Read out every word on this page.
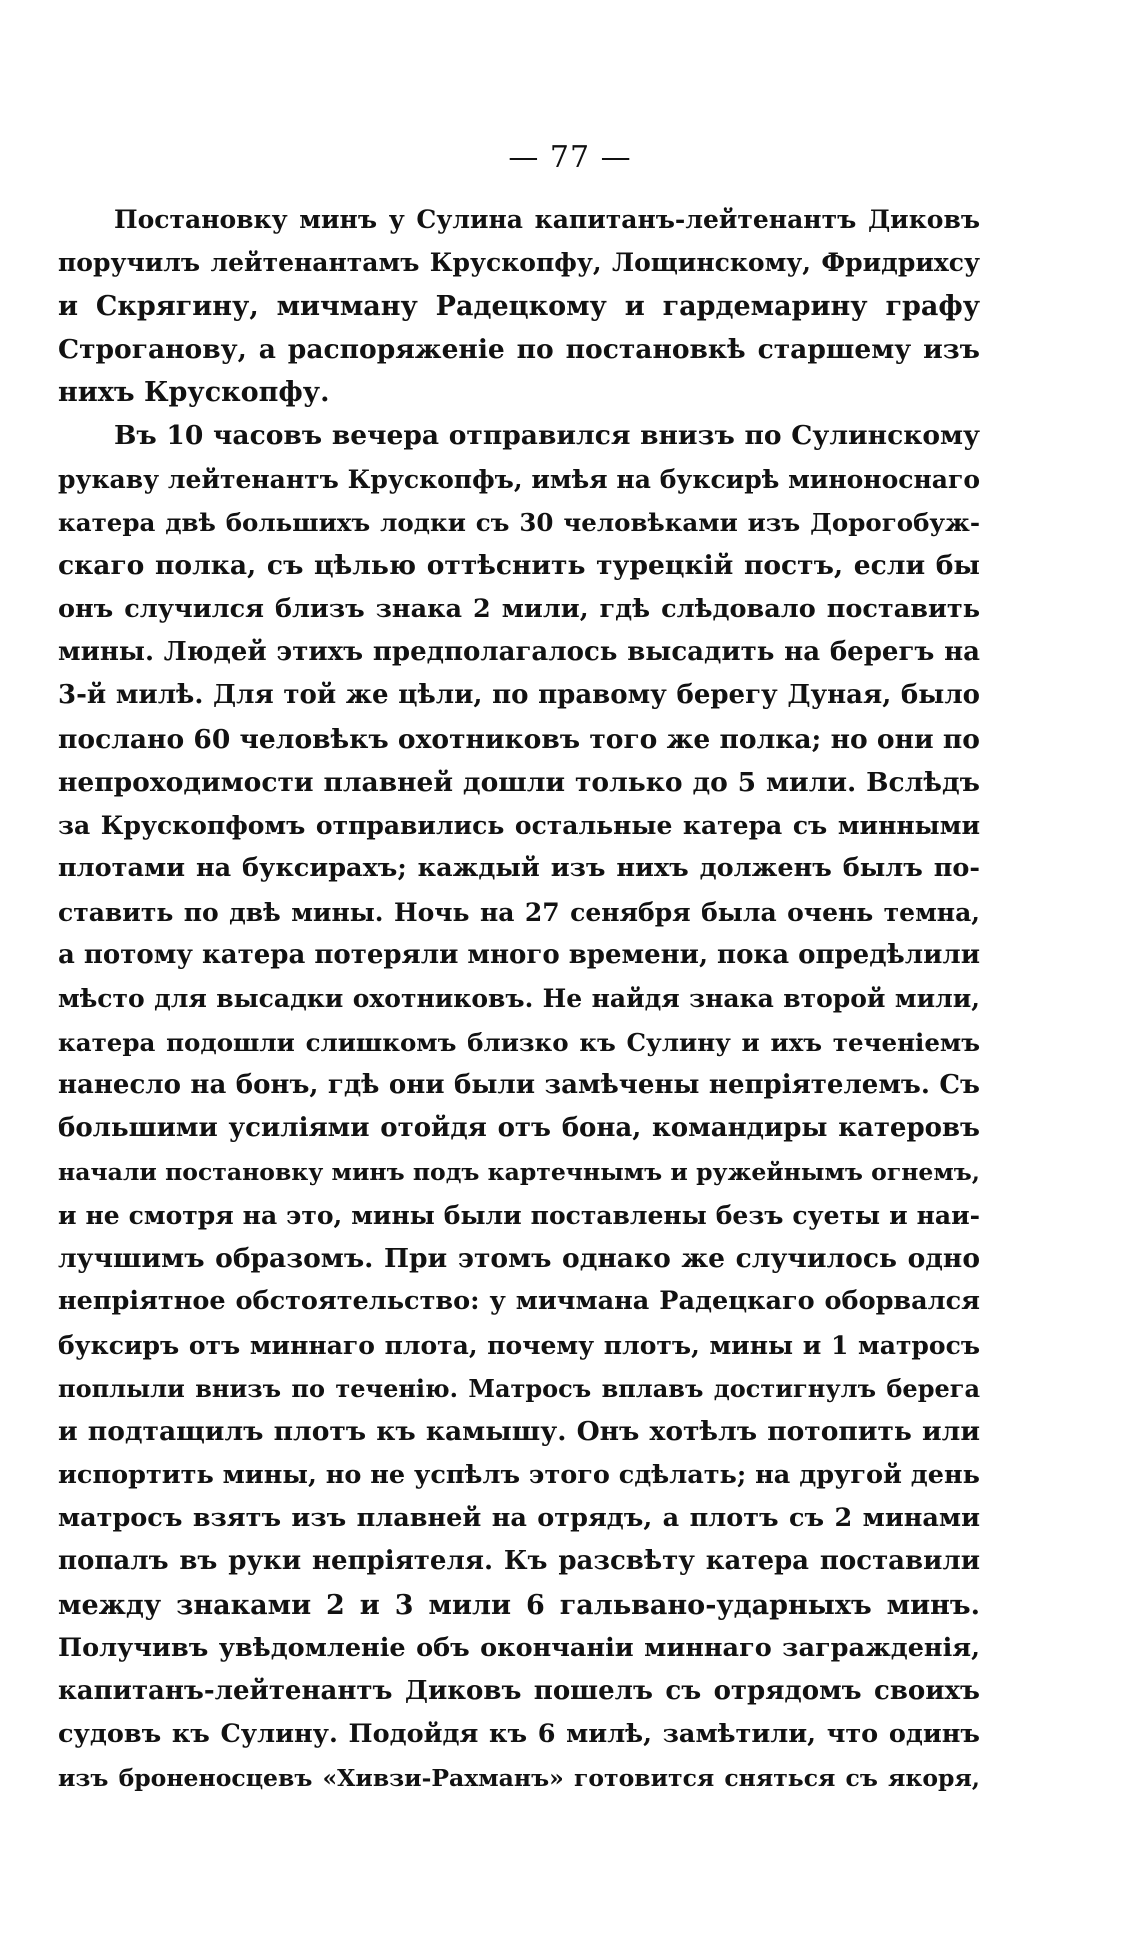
— 77 —
Постановку минъ у Сулина капитанъ-лейтенантъ Диковъ
поручилъ лейтенантамъ Крускопфу, Лощинскому, Фридрихсу
и Скрягину, мичману Радецкому и гардемарину графу
Строганову, а распоряженіе по постановкѣ старшему изъ
нихъ Крускопфу.
Въ 10 часовъ вечера отправился внизъ по Сулинскому
рукаву лейтенантъ Крускопфъ, имѣя на буксирѣ миноноснаго
катера двѣ большихъ лодки съ 30 человѣками изъ Дорогобуж-
скаго полка, съ цѣлью оттѣснить турецкій постъ, если бы
онъ случился близъ знака 2 мили, гдѣ слѣдовало поставить
мины. Людей этихъ предполагалось высадить на берегъ на
3-й милѣ. Для той же цѣли, по правому берегу Дуная, было
послано 60 человѣкъ охотниковъ того же полка; но они по
непроходимости плавней дошли только до 5 мили. Вслѣдъ
за Крускопфомъ отправились остальные катера съ минными
плотами на буксирахъ; каждый изъ нихъ долженъ былъ по-
ставить по двѣ мины. Ночь на 27 сенября была очень темна,
а потому катера потеряли много времени, пока опредѣлили
мѣсто для высадки охотниковъ. Не найдя знака второй мили,
катера подошли слишкомъ близко къ Сулину и ихъ теченіемъ
нанесло на бонъ, гдѣ они были замѣчены непріятелемъ. Съ
большими усиліями отойдя отъ бона, командиры катеровъ
начали постановку минъ подъ картечнымъ и ружейнымъ огнемъ,
и не смотря на это, мины были поставлены безъ суеты и наи-
лучшимъ образомъ. При этомъ однако же случилось одно
непріятное обстоятельство: у мичмана Радецкаго оборвался
буксиръ отъ миннаго плота, почему плотъ, мины и 1 матросъ
поплыли внизъ по теченію. Матросъ вплавъ достигнулъ берега
и подтащилъ плотъ къ камышу. Онъ хотѣлъ потопить или
испортить мины, но не успѣлъ этого сдѣлать; на другой день
матросъ взятъ изъ плавней на отрядъ, а плотъ съ 2 минами
попалъ въ руки непріятеля. Къ разсвѣту катера поставили
между знаками 2 и 3 мили 6 гальвано-ударныхъ минъ.
Получивъ увѣдомленіе объ окончаніи миннаго загражденія,
капитанъ-лейтенантъ Диковъ пошелъ съ отрядомъ своихъ
судовъ къ Сулину. Подойдя къ 6 милѣ, замѣтили, что одинъ
изъ броненосцевъ «Хивзи-Рахманъ» готовится сняться съ якоря,
